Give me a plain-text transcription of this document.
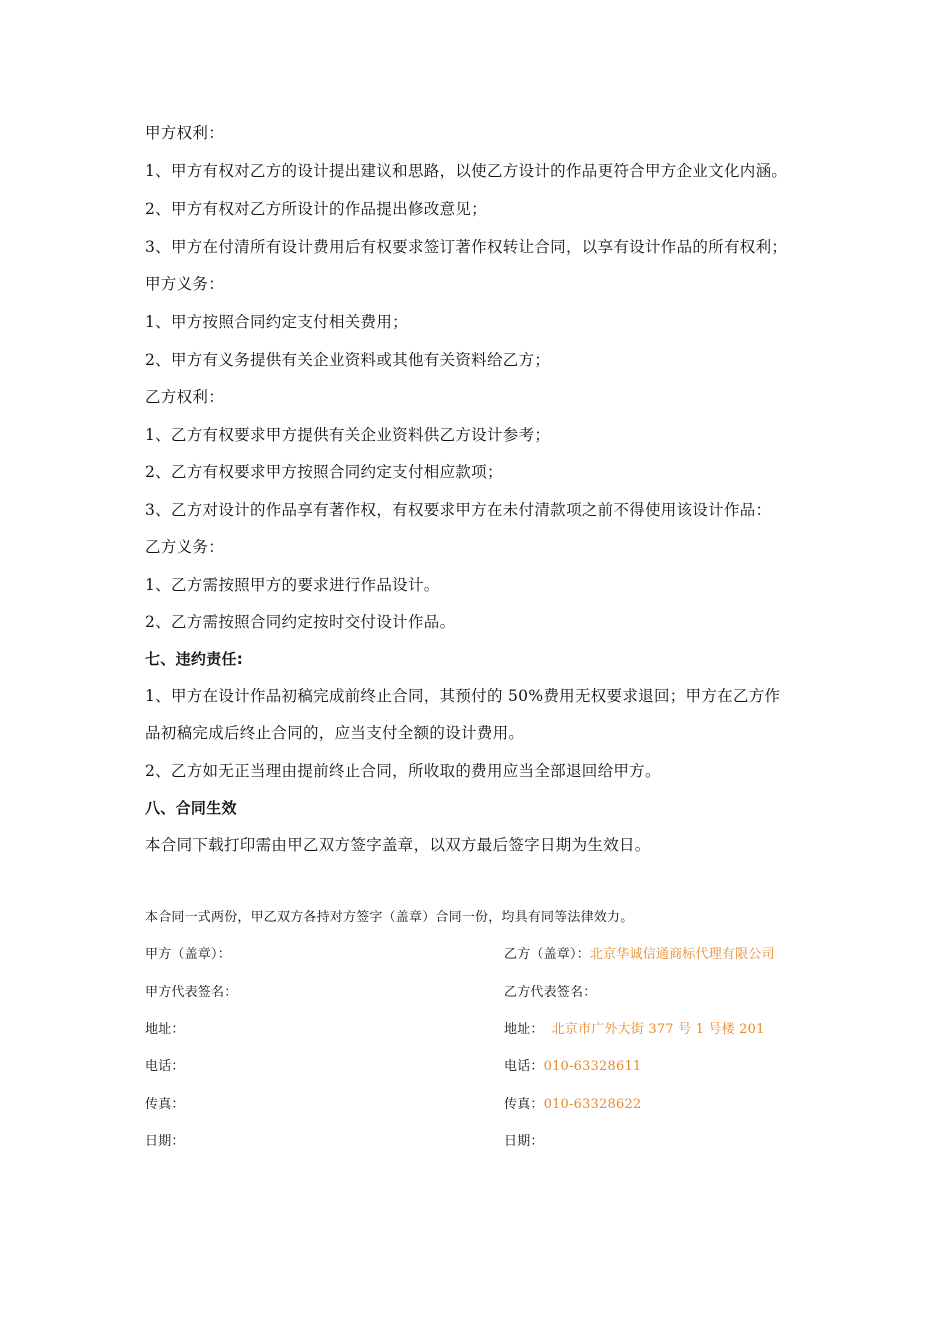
甲方权利：
1、甲方有权对乙方的设计提出建议和思路，以使乙方设计的作品更符合甲方企业文化内涵。
2、甲方有权对乙方所设计的作品提出修改意见；
3、甲方在付清所有设计费用后有权要求签订著作权转让合同，以享有设计作品的所有权利；
甲方义务：
1、甲方按照合同约定支付相关费用；
2、甲方有义务提供有关企业资料或其他有关资料给乙方；
乙方权利：
1、乙方有权要求甲方提供有关企业资料供乙方设计参考；
2、乙方有权要求甲方按照合同约定支付相应款项；
3、乙方对设计的作品享有著作权，有权要求甲方在未付清款项之前不得使用该设计作品：
乙方义务：
1、乙方需按照甲方的要求进行作品设计。
2、乙方需按照合同约定按时交付设计作品。
七、违约责任:
1、甲方在设计作品初稿完成前终止合同，其预付的 50%费用无权要求退回；甲方在乙方作
品初稿完成后终止合同的，应当支付全额的设计费用。
2、乙方如无正当理由提前终止合同，所收取的费用应当全部退回给甲方。
八、合同生效
本合同下载打印需由甲乙双方签字盖章，以双方最后签字日期为生效日。
本合同一式两份，甲乙双方各持对方签字（盖章）合同一份，均具有同等法律效力。
甲方（盖章）：	乙方（盖章）：北京华诚信通商标代理有限公司
甲方代表签名：	乙方代表签名：
地址：	地址： 北京市广外大街 377 号 1 号楼 201
电话：	电话：010-63328611
传真：	传真：010-63328622
日期：	日期：
